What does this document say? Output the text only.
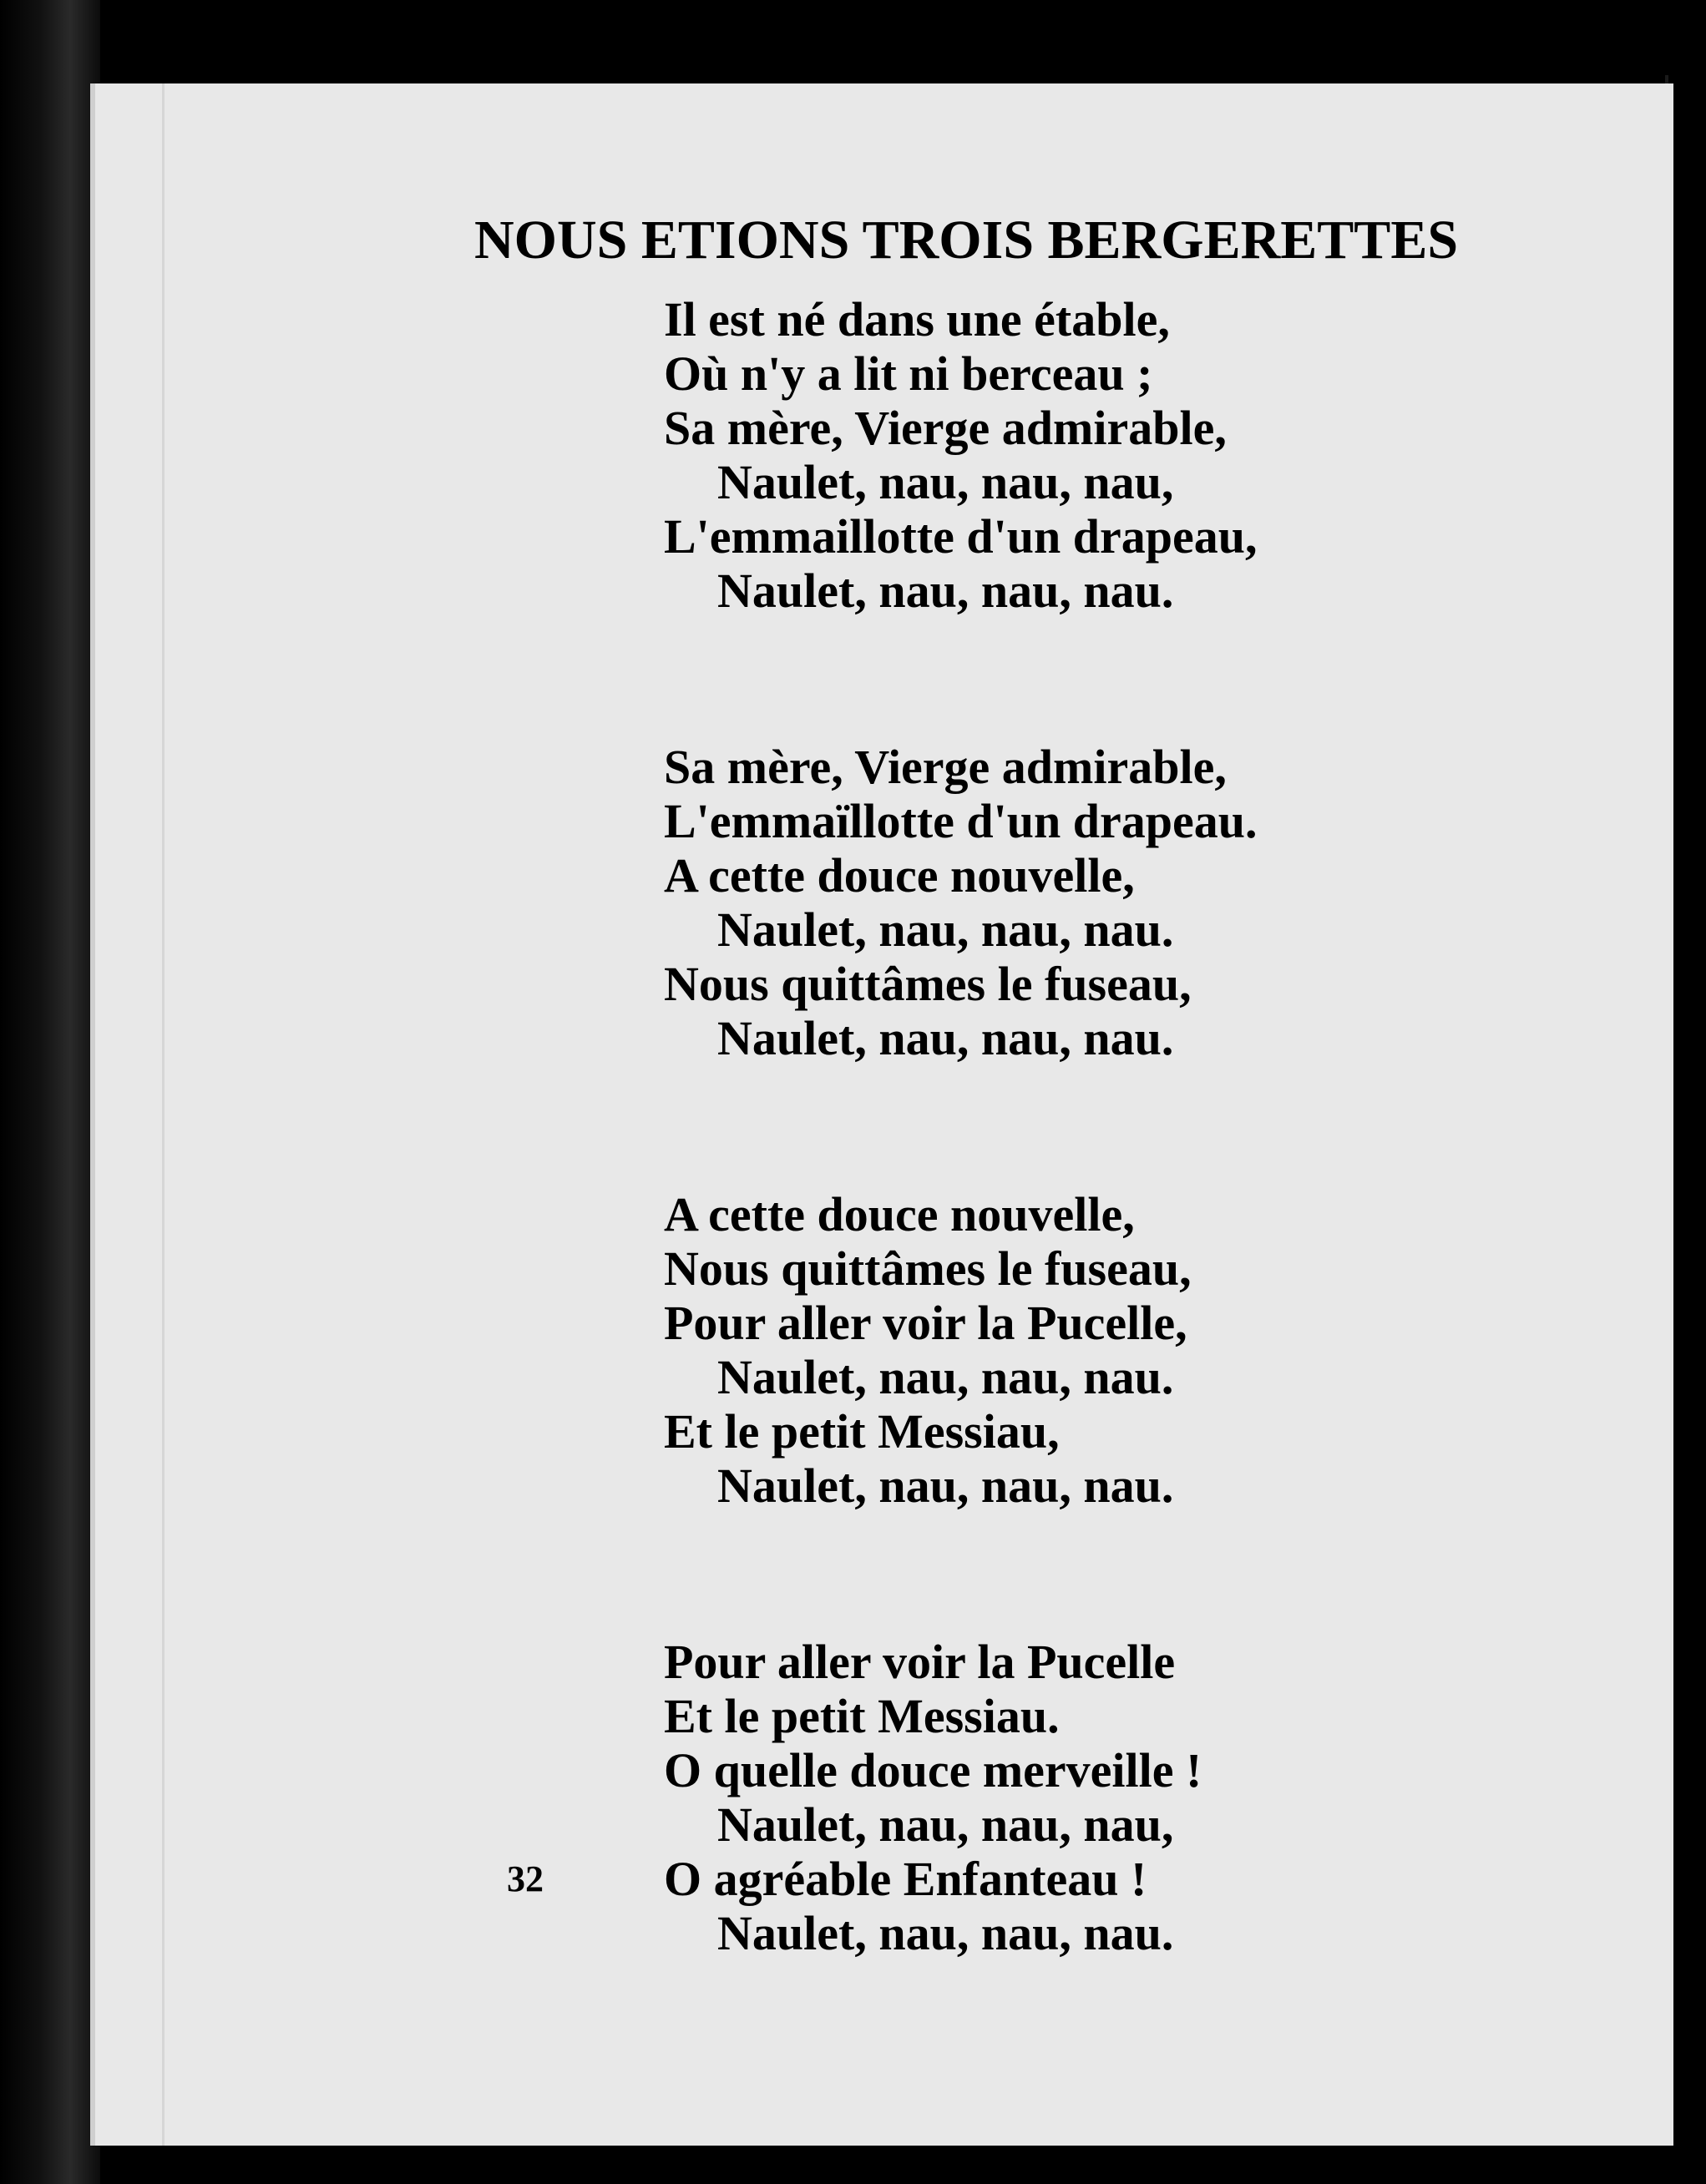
NOUS ETIONS TROIS BERGERETTES
Il est né dans une étable,
Où n'y a lit ni berceau ;
Sa mère, Vierge admirable,
Naulet, nau, nau, nau,
L'emmaillotte d'un drapeau,
Naulet, nau, nau, nau.
Sa mère, Vierge admirable,
L'emmaïllotte d'un drapeau.
A cette douce nouvelle,
Naulet, nau, nau, nau.
Nous quittâmes le fuseau,
Naulet, nau, nau, nau.
A cette douce nouvelle,
Nous quittâmes le fuseau,
Pour aller voir la Pucelle,
Naulet, nau, nau, nau.
Et le petit Messiau,
Naulet, nau, nau, nau.
Pour aller voir la Pucelle
Et le petit Messiau.
O quelle douce merveille !
Naulet, nau, nau, nau,
O agréable Enfanteau !
Naulet, nau, nau, nau.
32
